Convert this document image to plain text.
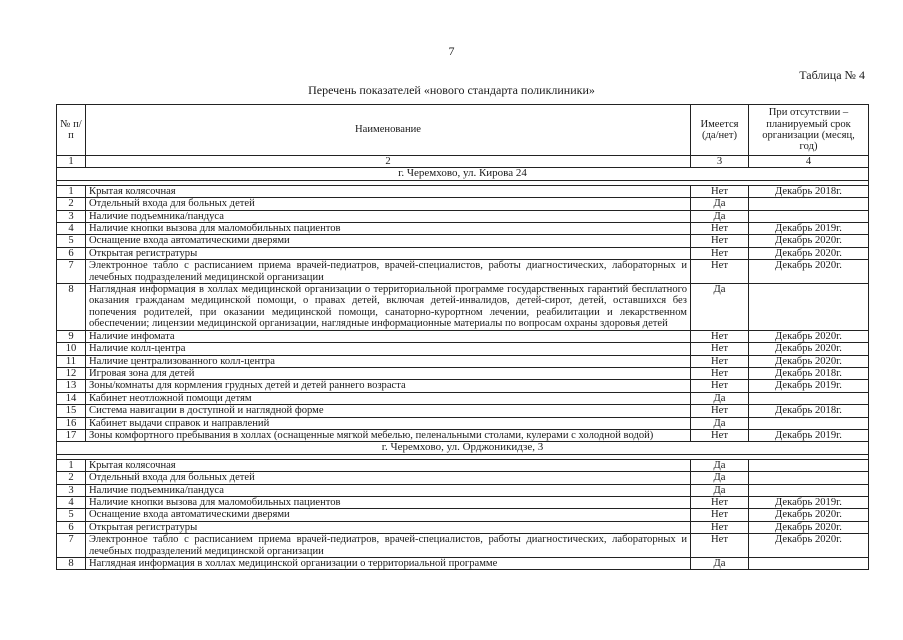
7
Таблица № 4
Перечень показателей «нового стандарта поликлиники»
№ п/п	Наименование	Имеется (да/нет)	При отсутствии – планируемый срок организации (месяц, год)
1	2	3	4
г. Черемхово, ул. Кирова 24			

1	Крытая колясочная	Нет	Декабрь 2018г.
2	Отдельный входа для больных детей	Да	
3	Наличие подъемника/пандуса	Да	
4	Наличие кнопки вызова для маломобильных пациентов	Нет	Декабрь 2019г.
5	Оснащение входа автоматическими дверями	Нет	Декабрь 2020г.
6	Открытая регистратуры	Нет	Декабрь 2020г.
7	Электронное табло с расписанием приема врачей-педиатров, врачей-специалистов, работы диагностических, лабораторных и лечебных подразделений медицинской организации	Нет	Декабрь 2020г.
8	Наглядная информация в холлах медицинской организации о территориальной программе государственных гарантий бесплатного оказания гражданам медицинской помощи, о правах детей, включая детей-инвалидов, детей-сирот, детей, оставшихся без попечения родителей, при оказании медицинской помощи, санаторно-курортном лечении, реабилитации и лекарственном обеспечении; лицензии медицинской организации, наглядные информационные материалы по вопросам охраны здоровья детей	Да	
9	Наличие инфомата	Нет	Декабрь 2020г.
10	Наличие колл-центра	Нет	Декабрь 2020г.
11	Наличие централизованного колл-центра	Нет	Декабрь 2020г.
12	Игровая зона для детей	Нет	Декабрь 2018г.
13	Зоны/комнаты для кормления грудных детей и детей раннего возраста	Нет	Декабрь 2019г.
14	Кабинет неотложной помощи детям	Да	
15	Система навигации в доступной и наглядной форме	Нет	Декабрь 2018г.
16	Кабинет выдачи справок и направлений	Да	
17	Зоны комфортного пребывания в холлах (оснащенные мягкой мебелью, пеленальными столами, кулерами с холодной водой)	Нет	Декабрь 2019г.
г. Черемхово, ул. Орджоникидзе, 3			

1	Крытая колясочная	Да	
2	Отдельный входа для больных детей	Да	
3	Наличие подъемника/пандуса	Да	
4	Наличие кнопки вызова для маломобильных пациентов	Нет	Декабрь 2019г.
5	Оснащение входа автоматическими дверями	Нет	Декабрь 2020г.
6	Открытая регистратуры	Нет	Декабрь 2020г.
7	Электронное табло с расписанием приема врачей-педиатров, врачей-специалистов, работы диагностических, лабораторных и лечебных подразделений медицинской организации	Нет	Декабрь 2020г.
8	Наглядная информация в холлах медицинской организации о территориальной программе	Да	
